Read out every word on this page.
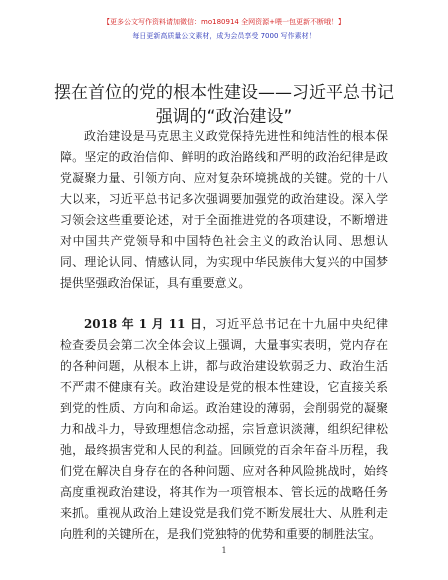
【更多公文写作资料请加微信：mo180914 全网资源+喂一包更新不断哦！】
每日更新高质量公文素材，成为会员享受 7000 写作素材！
摆在首位的党的根本性建设——习近平总书记
强调的“政治建设”

政治建设是马克思主义政党保持先进性和纯洁性的根本保障。坚定的政治信仰、鲜明的政治路线和严明的政治纪律是政党凝聚力量、引领方向、应对复杂环境挑战的关键。党的十八大以来，习近平总书记多次强调要加强党的政治建设。深入学习领会这些重要论述，对于全面推进党的各项建设，不断增进对中国共产党领导和中国特色社会主义的政治认同、思想认同、理论认同、情感认同，为实现中华民族伟大复兴的中国梦提供坚强政治保证，具有重要意义。

2018 年 1 月 11 日，习近平总书记在十九届中央纪律检查委员会第二次全体会议上强调，大量事实表明，党内存在的各种问题，从根本上讲，都与政治建设软弱乏力、政治生活不严肃不健康有关。政治建设是党的根本性建设，它直接关系到党的性质、方向和命运。政治建设的薄弱，会削弱党的凝聚力和战斗力，导致理想信念动摇，宗旨意识淡薄，组织纪律松弛，最终损害党和人民的利益。回顾党的百余年奋斗历程，我们党在解决自身存在的各种问题、应对各种风险挑战时，始终高度重视政治建设，将其作为一项管根本、管长远的战略任务来抓。重视从政治上建设党是我们党不断发展壮大、从胜利走向胜利的关键所在，是我们党独特的优势和重要的制胜法宝。

1
